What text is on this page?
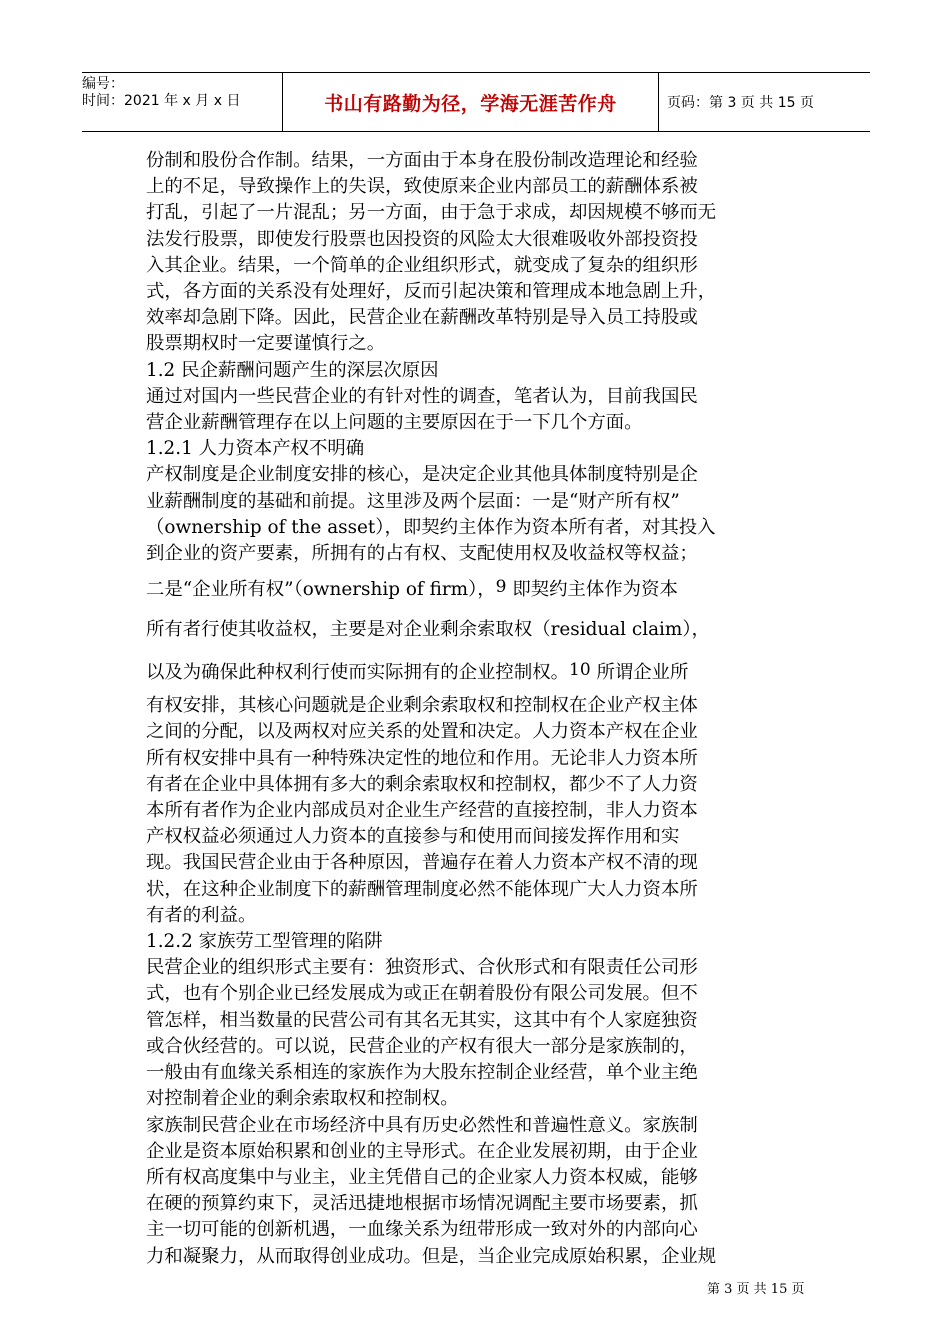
编号：
时间：2021 年 x 月 x 日	书山有路勤为径，学海无涯苦作舟	页码：第 3 页 共 15 页

份制和股份合作制。结果，一方面由于本身在股份制改造理论和经验

上的不足，导致操作上的失误，致使原来企业内部员工的薪酬体系被

打乱，引起了一片混乱；另一方面，由于急于求成，却因规模不够而无

法发行股票，即使发行股票也因投资的风险太大很难吸收外部投资投

入其企业。结果，一个简单的企业组织形式，就变成了复杂的组织形

式，各方面的关系没有处理好，反而引起决策和管理成本地急剧上升，

效率却急剧下降。因此，民营企业在薪酬改革特别是导入员工持股或

股票期权时一定要谨慎行之。

1.2 民企薪酬问题产生的深层次原因

通过对国内一些民营企业的有针对性的调查，笔者认为，目前我国民

营企业薪酬管理存在以上问题的主要原因在于一下几个方面。

1.2.1 人力资本产权不明确

产权制度是企业制度安排的核心，是决定企业其他具体制度特别是企

业薪酬制度的基础和前提。这里涉及两个层面：一是“财产所有权”

（ownership of the asset），即契约主体作为资本所有者，对其投入

到企业的资产要素，所拥有的占有权、支配使用权及收益权等权益；

二是“企业所有权”（ownership of firm），9 即契约主体作为资本

所有者行使其收益权，主要是对企业剩余索取权（residual claim），

以及为确保此种权利行使而实际拥有的企业控制权。10 所谓企业所

有权安排，其核心问题就是企业剩余索取权和控制权在企业产权主体

之间的分配，以及两权对应关系的处置和决定。人力资本产权在企业

所有权安排中具有一种特殊决定性的地位和作用。无论非人力资本所

有者在企业中具体拥有多大的剩余索取权和控制权，都少不了人力资

本所有者作为企业内部成员对企业生产经营的直接控制，非人力资本

产权权益必须通过人力资本的直接参与和使用而间接发挥作用和实

现。我国民营企业由于各种原因，普遍存在着人力资本产权不清的现

状，在这种企业制度下的薪酬管理制度必然不能体现广大人力资本所

有者的利益。

1.2.2 家族劳工型管理的陷阱

民营企业的组织形式主要有：独资形式、合伙形式和有限责任公司形

式，也有个别企业已经发展成为或正在朝着股份有限公司发展。但不

管怎样，相当数量的民营公司有其名无其实，这其中有个人家庭独资

或合伙经营的。可以说，民营企业的产权有很大一部分是家族制的，

一般由有血缘关系相连的家族作为大股东控制企业经营，单个业主绝

对控制着企业的剩余索取权和控制权。

家族制民营企业在市场经济中具有历史必然性和普遍性意义。家族制

企业是资本原始积累和创业的主导形式。在企业发展初期，由于企业

所有权高度集中与业主，业主凭借自己的企业家人力资本权威，能够

在硬的预算约束下，灵活迅捷地根据市场情况调配主要市场要素，抓

主一切可能的创新机遇，一血缘关系为纽带形成一致对外的内部向心

力和凝聚力，从而取得创业成功。但是，当企业完成原始积累，企业规

第 3 页 共 15 页
